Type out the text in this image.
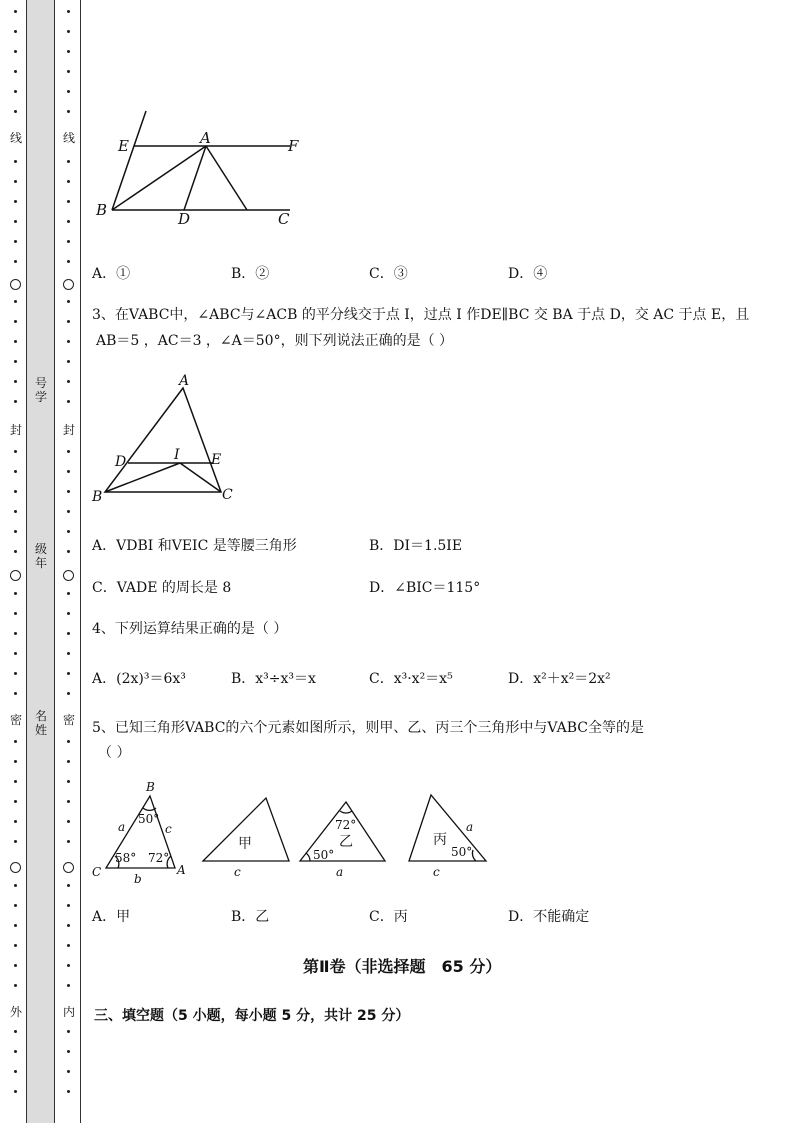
线
封
密
外
号
学
级
年
名
姓
线
封
密
内
E	A	F
B	D	C
A．①	B．②	C．③	D．④
3、在VABC中，∠ABC与∠ACB 的平分线交于点 I，过点 I 作DE∥BC 交 BA 于点 D，交 AC 于点 E，且
AB＝5 ，AC＝3 ，∠A＝50°，则下列说法正确的是（ ）
A
D	I E
B	C
A．VDBI 和VEIC 是等腰三角形	B．DI＝1.5IE
C．VADE 的周长是 8	D．∠BIC＝115°
4、下列运算结果正确的是（ ）
A．(2x)³＝6x³	B．x³÷x³＝x	C．x³·x²＝x⁵	D．x²＋x²＝2x²
5、已知三角形VABC的六个元素如图所示，则甲、乙、丙三个三角形中与VABC全等的是
（ ）
B
50°
a	c
58° 72°
C	A
b
甲
c
72°
乙
50°
a
丙
a
50°
c
A．甲	B．乙	C．丙	D．不能确定
第Ⅱ卷（非选择题　65 分）
三、填空题（5 小题，每小题 5 分，共计 25 分）
